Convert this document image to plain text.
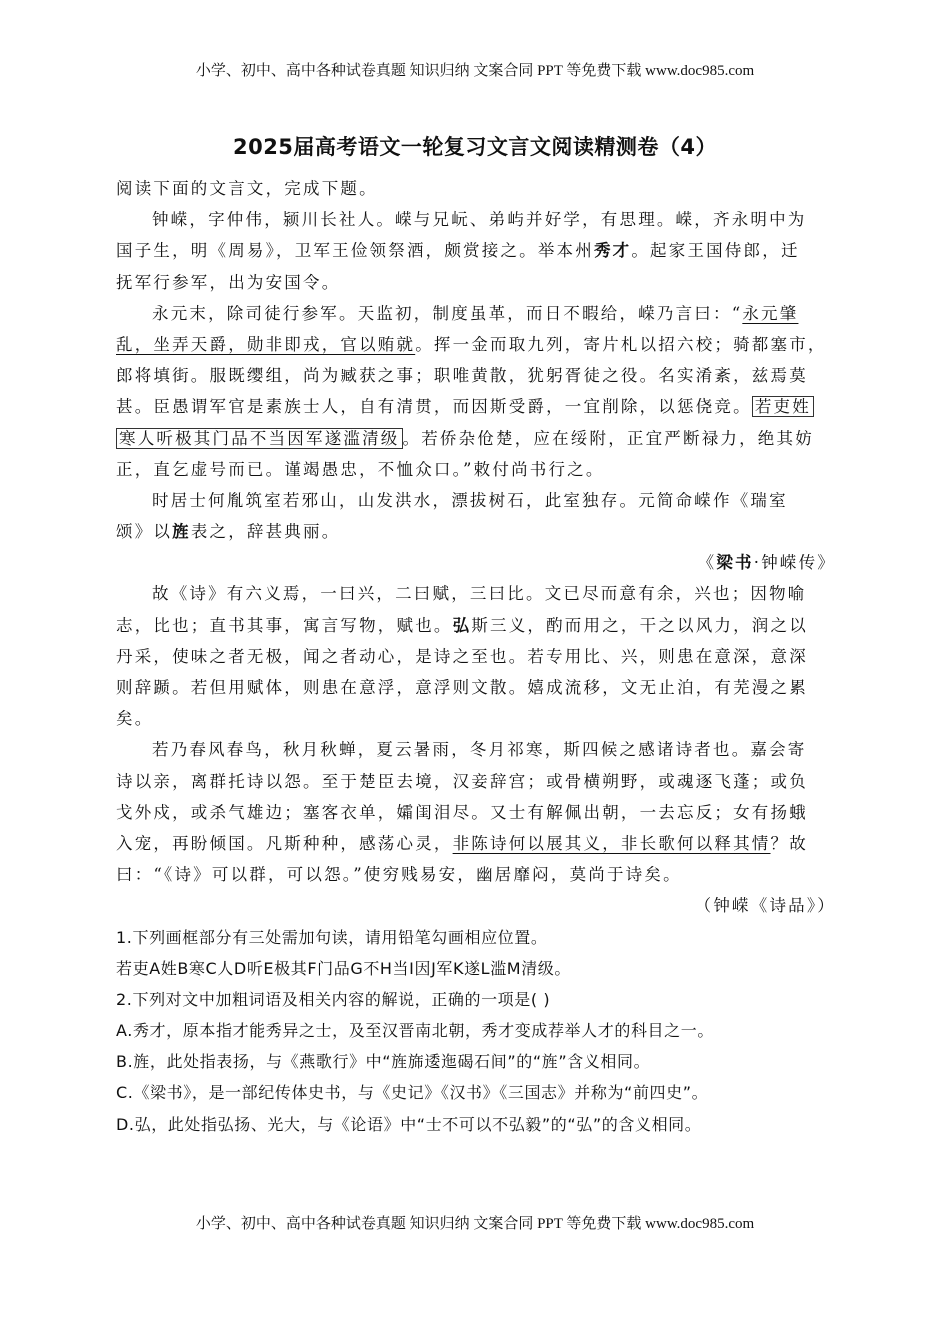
小学、初中、高中各种试卷真题 知识归纳 文案合同 PPT 等免费下载 www.doc985.com
2025届高考语文一轮复习文言文阅读精测卷（4）
阅读下面的文言文，完成下题。
钟嵘，字仲伟，颍川长社人。嵘与兄岏、弟屿并好学，有思理。嵘，齐永明中为
国子生，明《周易》，卫军王俭领祭酒，颇赏接之。举本州秀才。起家王国侍郎，迁
抚军行参军，出为安国令。
永元末，除司徒行参军。天监初，制度虽革，而日不暇给，嵘乃言曰：“永元肇
乱，坐弄天爵，勋非即戎，官以贿就。挥一金而取九列，寄片札以招六校；骑都塞市，
郎将填街。服既缨组，尚为臧获之事；职唯黄散，犹躬胥徒之役。名实淆紊，兹焉莫
甚。臣愚谓军官是素族士人，自有清贯，而因斯受爵，一宜削除，以惩侥竞。 若吏姓
寒人听极其门品不当因军遂滥清级 。若侨杂伧楚，应在绥附，正宜严断禄力，绝其妨
正，直乞虚号而已。谨竭愚忠，不恤众口。”敕付尚书行之。
时居士何胤筑室若邪山，山发洪水，漂拔树石，此室独存。元简命嵘作《瑞室
颂》以旌表之，辞甚典丽。
《梁书·钟嵘传》
故《诗》有六义焉，一曰兴，二曰赋，三曰比。文已尽而意有余，兴也；因物喻
志，比也；直书其事，寓言写物，赋也。弘斯三义，酌而用之，干之以风力，润之以
丹采，使味之者无极，闻之者动心，是诗之至也。若专用比、兴，则患在意深，意深
则辞踬。若但用赋体，则患在意浮，意浮则文散。嬉成流移，文无止泊，有芜漫之累
矣。
若乃春风春鸟，秋月秋蝉，夏云暑雨，冬月祁寒，斯四候之感诸诗者也。嘉会寄
诗以亲，离群托诗以怨。至于楚臣去境，汉妾辞宫；或骨横朔野，或魂逐飞蓬；或负
戈外戍，或杀气雄边；塞客衣单，孀闺泪尽。又士有解佩出朝，一去忘反；女有扬蛾
入宠，再盼倾国。凡斯种种，感荡心灵，非陈诗何以展其义，非长歌何以释其情？故
曰：“《诗》可以群，可以怨。”使穷贱易安，幽居靡闷，莫尚于诗矣。
（钟嵘《诗品》）
1.下列画框部分有三处需加句读，请用铅笔勾画相应位置。
若吏A姓B寒C人D听E极其F门品G不H当I因J军K遂L滥M清级。
2.下列对文中加粗词语及相关内容的解说，正确的一项是( )
A.秀才，原本指才能秀异之士，及至汉晋南北朝，秀才变成荐举人才的科目之一。
B.旌，此处指表扬，与《燕歌行》中“旌旆逶迤碣石间”的“旌”含义相同。
C.《梁书》，是一部纪传体史书，与《史记》《汉书》《三国志》并称为“前四史”。
D.弘，此处指弘扬、光大，与《论语》中“士不可以不弘毅”的“弘”的含义相同。
小学、初中、高中各种试卷真题 知识归纳 文案合同 PPT 等免费下载 www.doc985.com
